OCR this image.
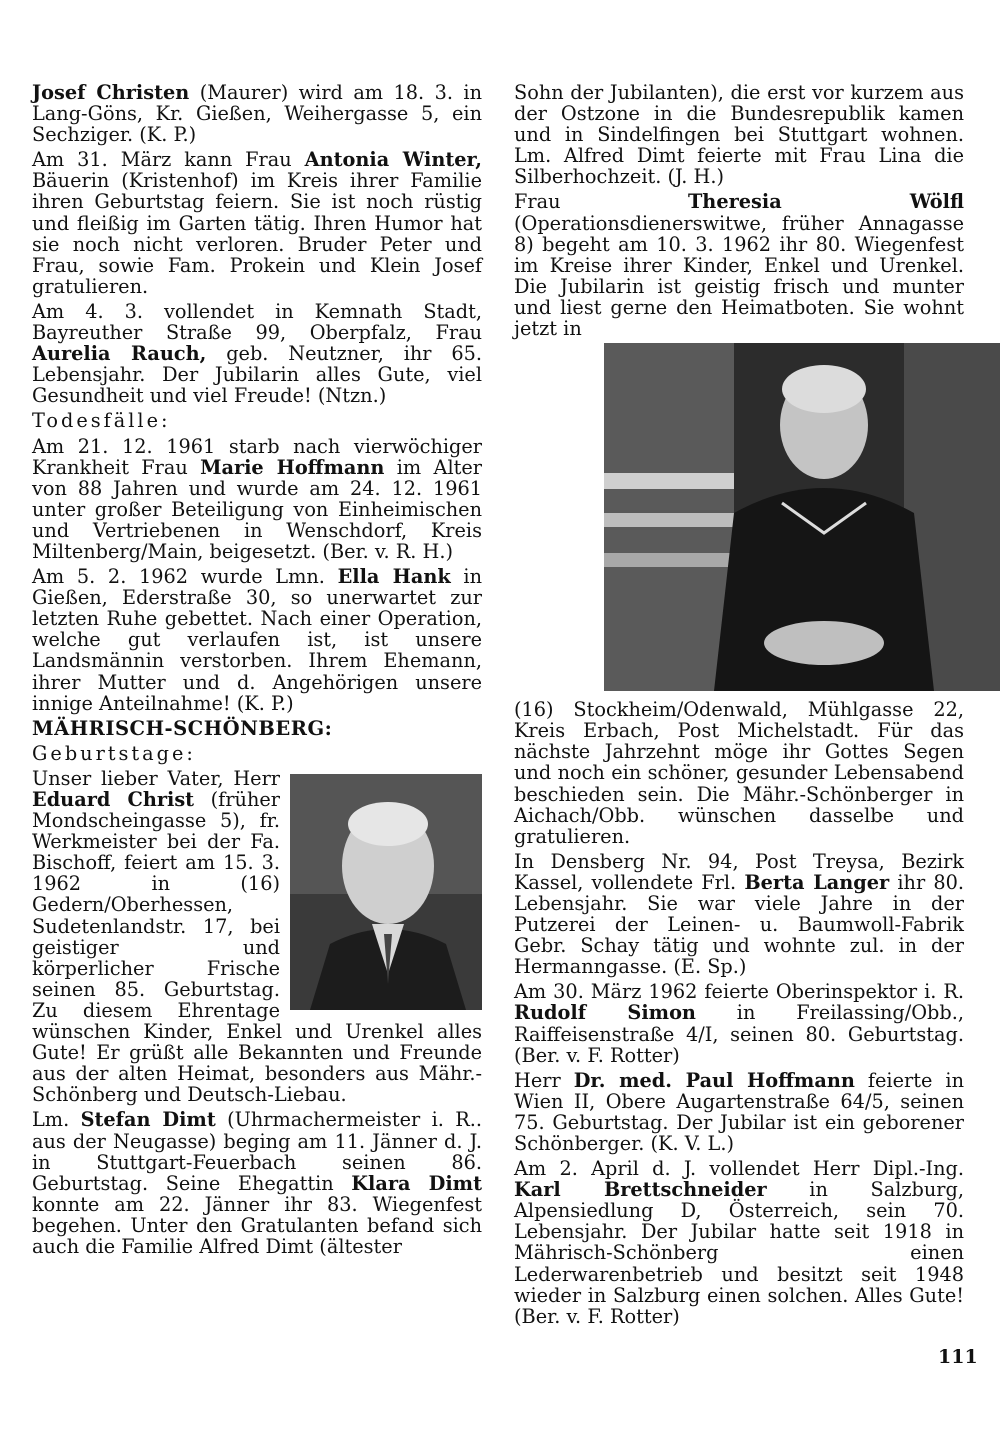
Josef Christen (Maurer) wird am 18. 3. in Lang-Göns, Kr. Gießen, Weihergasse 5, ein Sechziger. (K. P.)

Am 31. März kann Frau Antonia Winter, Bäuerin (Kristenhof) im Kreis ihrer Familie ihren Geburtstag feiern. Sie ist noch rüstig und fleißig im Garten tätig. Ihren Humor hat sie noch nicht verloren. Bruder Peter und Frau, sowie Fam. Prokein und Klein Josef gratulieren.

Am 4. 3. vollendet in Kemnath Stadt, Bayreuther Straße 99, Oberpfalz, Frau Aurelia Rauch, geb. Neutzner, ihr 65. Lebensjahr. Der Jubilarin alles Gute, viel Gesundheit und viel Freude! (Ntzn.)

Todesfälle:

Am 21. 12. 1961 starb nach vierwöchiger Krankheit Frau Marie Hoffmann im Alter von 88 Jahren und wurde am 24. 12. 1961 unter großer Beteiligung von Einheimischen und Vertriebenen in Wenschdorf, Kreis Miltenberg/Main, beigesetzt. (Ber. v. R. H.)

Am 5. 2. 1962 wurde Lmn. Ella Hank in Gießen, Ederstraße 30, so unerwartet zur letzten Ruhe gebettet. Nach einer Operation, welche gut verlaufen ist, ist unsere Landsmännin verstorben. Ihrem Ehemann, ihrer Mutter und d. Angehörigen unsere innige Anteilnahme! (K. P.)

MÄHRISCH-SCHÖNBERG:

Geburtstage:

Unser lieber Vater, Herr Eduard Christ (früher Mondscheingasse 5), fr. Werkmeister bei der Fa. Bischoff, feiert am 15. 3. 1962 in (16) Gedern/Oberhessen, Sudetenlandstr. 17, bei geistiger und körperlicher Frische seinen 85. Geburtstag. Zu diesem Ehrentage wünschen Kinder, Enkel und Urenkel alles Gute! Er grüßt alle Bekannten und Freunde aus der alten Heimat, besonders aus Mähr.-Schönberg und Deutsch-Liebau.

Lm. Stefan Dimt (Uhrmachermeister i. R.. aus der Neugasse) beging am 11. Jänner d. J. in Stuttgart-Feuerbach seinen 86. Geburtstag. Seine Ehegattin Klara Dimt konnte am 22. Jänner ihr 83. Wiegenfest begehen. Unter den Gratulanten befand sich auch die Familie Alfred Dimt (ältester

Sohn der Jubilanten), die erst vor kurzem aus der Ostzone in die Bundesrepublik kamen und in Sindelfingen bei Stuttgart wohnen. Lm. Alfred Dimt feierte mit Frau Lina die Silberhochzeit. (J. H.)

Frau Theresia Wölfl (Operationsdienerswitwe, früher Annagasse 8) begeht am 10. 3. 1962 ihr 80. Wiegenfest im Kreise ihrer Kinder, Enkel und Urenkel. Die Jubilarin ist geistig frisch und munter und liest gerne den Heimatboten. Sie wohnt jetzt in

(16) Stockheim/Odenwald, Mühlgasse 22, Kreis Erbach, Post Michelstadt. Für das nächste Jahrzehnt möge ihr Gottes Segen und noch ein schöner, gesunder Lebensabend beschieden sein. Die Mähr.-Schönberger in Aichach/Obb. wünschen dasselbe und gratulieren.

In Densberg Nr. 94, Post Treysa, Bezirk Kassel, vollendete Frl. Berta Langer ihr 80. Lebensjahr. Sie war viele Jahre in der Putzerei der Leinen- u. Baumwoll-Fabrik Gebr. Schay tätig und wohnte zul. in der Hermanngasse. (E. Sp.)

Am 30. März 1962 feierte Oberinspektor i. R. Rudolf Simon in Freilassing/Obb., Raiffeisenstraße 4/I, seinen 80. Geburtstag. (Ber. v. F. Rotter)

Herr Dr. med. Paul Hoffmann feierte in Wien II, Obere Augartenstraße 64/5, seinen 75. Geburtstag. Der Jubilar ist ein geborener Schönberger. (K. V. L.)

Am 2. April d. J. vollendet Herr Dipl.-Ing. Karl Brettschneider in Salzburg, Alpensiedlung D, Österreich, sein 70. Lebensjahr. Der Jubilar hatte seit 1918 in Mährisch-Schönberg einen Lederwarenbetrieb und besitzt seit 1948 wieder in Salzburg einen solchen. Alles Gute! (Ber. v. F. Rotter)

111
